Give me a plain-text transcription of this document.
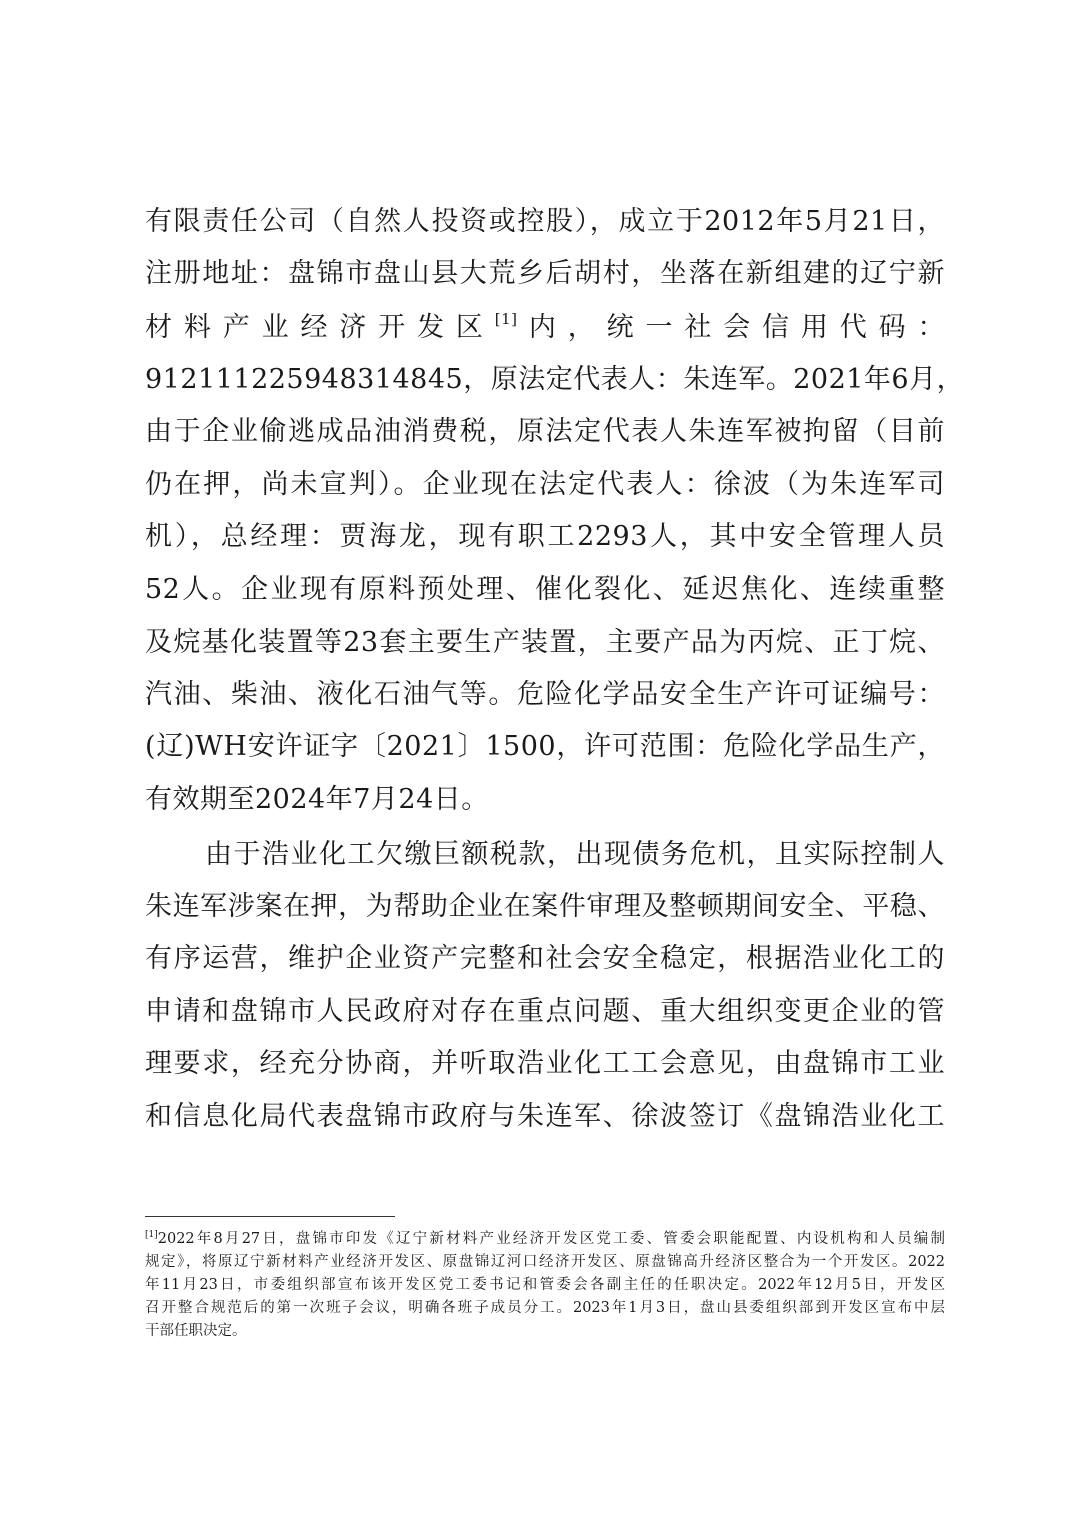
有限责任公司（自然人投资或控股），成立于2012年5月21日，
注册地址：盘锦市盘山县大荒乡后胡村，坐落在新组建的辽宁新
材料产业经济开发区[1]内，统一社会信用代码：
912111225948314845，原法定代表人：朱连军。2021年6月，
由于企业偷逃成品油消费税，原法定代表人朱连军被拘留（目前
仍在押，尚未宣判）。企业现在法定代表人：徐波（为朱连军司
机），总经理：贾海龙，现有职工2293人，其中安全管理人员
52人。企业现有原料预处理、催化裂化、延迟焦化、连续重整
及烷基化装置等23套主要生产装置，主要产品为丙烷、正丁烷、
汽油、柴油、液化石油气等。危险化学品安全生产许可证编号：
(辽)WH安许证字〔2021〕1500，许可范围：危险化学品生产，
有效期至2024年7月24日。
由于浩业化工欠缴巨额税款，出现债务危机，且实际控制人
朱连军涉案在押，为帮助企业在案件审理及整顿期间安全、平稳、
有序运营，维护企业资产完整和社会安全稳定，根据浩业化工的
申请和盘锦市人民政府对存在重点问题、重大组织变更企业的管
理要求，经充分协商，并听取浩业化工工会意见，由盘锦市工业
和信息化局代表盘锦市政府与朱连军、徐波签订《盘锦浩业化工
[1]2022年8月27日，盘锦市印发《辽宁新材料产业经济开发区党工委、管委会职能配置、内设机构和人员编制
规定》，将原辽宁新材料产业经济开发区、原盘锦辽河口经济开发区、原盘锦高升经济区整合为一个开发区。2022
年11月23日，市委组织部宣布该开发区党工委书记和管委会各副主任的任职决定。2022年12月5日，开发区
召开整合规范后的第一次班子会议，明确各班子成员分工。2023年1月3日，盘山县委组织部到开发区宣布中层
干部任职决定。
